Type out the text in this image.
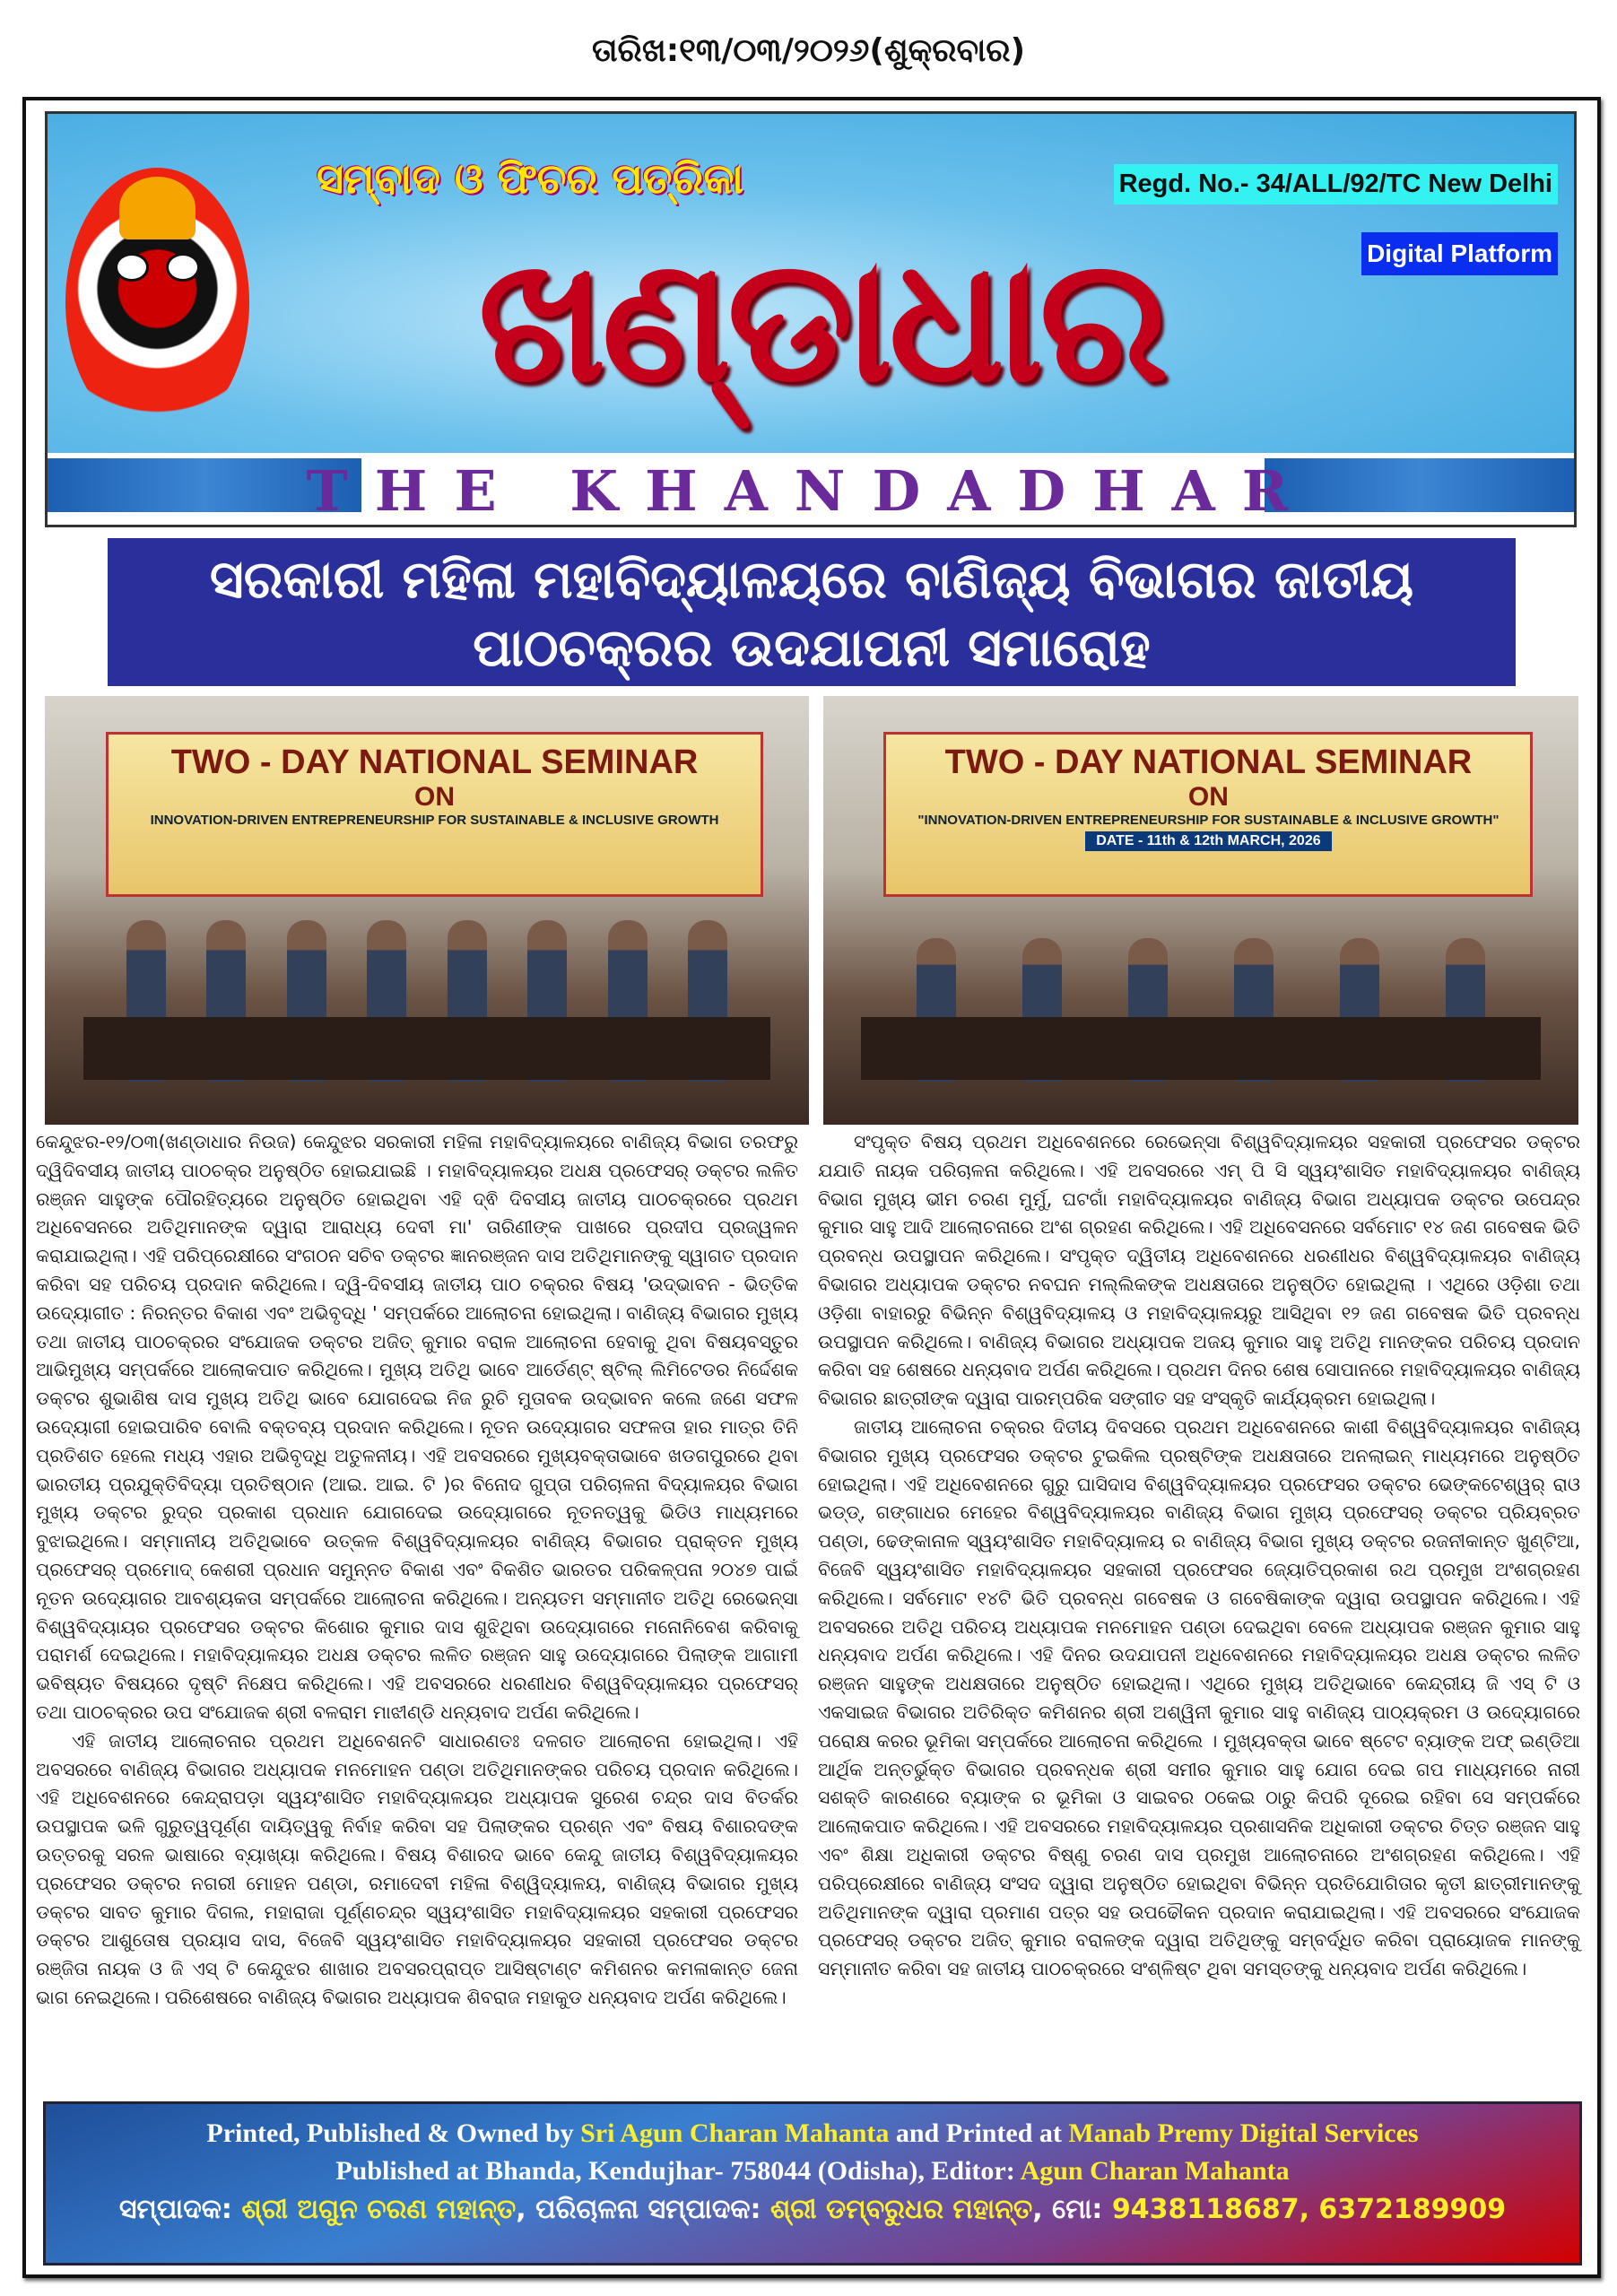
ତାରିଖ:୧୩/୦୩/୨୦୨୬(ଶୁକ୍ରବାର)
ସମ୍ବାଦ ଓ ଫିଚର ପତ୍ରିକା
ଖଣ୍ଡାଧାର
Regd. No.- 34/ALL/92/TC New Delhi
Digital Platform
THE KHANDADHAR
ସରକାରୀ ମହିଳା ମହାବିଦ୍ୟାଳୟରେ ବାଣିଜ୍ୟ ବିଭାଗର ଜାତୀୟ
ପାଠଚକ୍ରର ଉଦଯାପନୀ ସମାରୋହ
TWO - DAY NATIONAL SEMINAR
ON
INNOVATION-DRIVEN ENTREPRENEURSHIP FOR SUSTAINABLE & INCLUSIVE GROWTH
TWO - DAY NATIONAL SEMINAR
ON
"INNOVATION-DRIVEN ENTREPRENEURSHIP FOR SUSTAINABLE & INCLUSIVE GROWTH"
DATE - 11th & 12th MARCH, 2026

କେନ୍ଦୁଝର-୧୨/୦୩(ଖଣ୍ଡାଧାର ନିଉଜ) କେନ୍ଦୁଝର ସରକାରୀ ମହିଳା ମହାବିଦ୍ୟାଳୟରେ ବାଣିଜ୍ୟ ବିଭାଗ ତରଫରୁ ଦ୍ୱିଦିବସୀୟ ଜାତୀୟ ପାଠଚକ୍ର ଅନୁଷ୍ଠିତ ହୋଇଯାଇଛି । ମହାବିଦ୍ୟାଳୟର ଅଧକ୍ଷ ପ୍ରଫେସର୍ ଡକ୍ଟର ଲଳିତ ରଞ୍ଜନ ସାହୁଙ୍କ ପୌରହିତ୍ୟରେ ଅନୁଷ୍ଠିତ ହୋଇଥିବା ଏହି ଦ୍ଵି ଦିବସୀୟ ଜାତୀୟ ପାଠଚକ୍ରରେ ପ୍ରଥମ ଅଧିବେସନରେ ଅତିଥିମାନଙ୍କ ଦ୍ୱାରା ଆରାଧ୍ୟ ଦେବୀ ମା' ତାରିଣୀଙ୍କ ପାଖରେ ପ୍ରଦୀପ ପ୍ରଜ୍ୱଳନ କରାଯାଇଥିଲା। ଏହି ପରିପ୍ରେକ୍ଷୀରେ ସଂଗଠନ ସଚିବ ଡକ୍ଟର ଜ୍ଞାନରଞ୍ଜନ ଦାସ ଅତିଥିମାନଙ୍କୁ ସ୍ୱାଗତ ପ୍ରଦାନ କରିବା ସହ ପରିଚୟ ପ୍ରଦାନ କରିଥିଲେ। ଦ୍ୱି-ଦିବସୀୟ ଜାତୀୟ ପାଠ ଚକ୍ରର ବିଷୟ 'ଉଦ୍ଭାବନ - ଭିତ୍ତିକ ଉଦ୍ୟୋଗୀତ : ନିରନ୍ତର ବିକାଶ ଏବଂ ଅଭିବୃଦ୍ଧି ' ସମ୍ପର୍କରେ ଆଲୋଚନା ହୋଇଥିଲା। ବାଣିଜ୍ୟ ବିଭାଗର ମୁଖ୍ୟ ତଥା ଜାତୀୟ ପାଠଚକ୍ରର ସଂଯୋଜକ ଡକ୍ଟର ଅଜିତ୍ କୁମାର ବରାଳ ଆଲୋଚନା ହେବାକୁ ଥିବା ବିଷୟବସ୍ତୁର ଆଭିମୁଖ୍ୟ ସମ୍ପର୍କରେ ଆଲୋକପାତ କରିଥିଲେ। ମୁଖ୍ୟ ଅତିଥି ଭାବେ ଆର୍ଡେଣ୍ଟ୍ ଷ୍ଟିଲ୍ ଲିମିଟେଡର ନିର୍ଦ୍ଦେଶକ ଡକ୍ଟର ଶୁଭାଶିଷ ଦାସ ମୁଖ୍ୟ ଅତିଥି ଭାବେ ଯୋଗଦେଇ ନିଜ ରୁଚି ମୁତାବକ ଉଦ୍ଭାବନ କଲେ ଜଣେ ସଫଳ ଉଦ୍ୟୋଗୀ ହୋଇପାରିବ ବୋଲି ବକ୍ତବ୍ୟ ପ୍ରଦାନ କରିଥିଲେ। ନୂତନ ଉଦ୍ୟୋଗର ସଫଳତା ହାର ମାତ୍ର ତିନି ପ୍ରତିଶତ ହେଲେ ମଧ୍ୟ ଏହାର ଅଭିବୃଦ୍ଧି ଅତୁଳନୀୟ। ଏହି ଅବସରରେ ମୁଖ୍ୟବକ୍ତାଭାବେ ଖଡଗପୁରରେ ଥିବା ଭାରତୀୟ ପ୍ରଯୁକ୍ତିବିଦ୍ୟା ପ୍ରତିଷ୍ଠାନ (ଆଇ. ଆଇ. ଟି )ର ବିନୋଦ ଗୁପ୍ତା ପରିଚାଳନା ବିଦ୍ୟାଳୟର ବିଭାଗ ମୁଖ୍ୟ ଡକ୍ଟର ରୁଦ୍ର ପ୍ରକାଶ ପ୍ରଧାନ ଯୋଗଦେଇ ଉଦ୍ୟୋଗରେ ନୂତନତ୍ୱକୁ ଭିଡିଓ ମାଧ୍ୟମରେ ବୁଝାଇଥିଲେ। ସମ୍ମାନୀୟ ଅତିଥିଭାବେ ଉତ୍କଳ ବିଶ୍ୱବିଦ୍ୟାଳୟର ବାଣିଜ୍ୟ ବିଭାଗର ପ୍ରାକ୍ତନ ମୁଖ୍ୟ ପ୍ରଫେସର୍ ପ୍ରମୋଦ୍ କେଶରୀ ପ୍ରଧାନ ସମୁନ୍ନତ ବିକାଶ ଏବଂ ବିକଶିତ ଭାରତର ପରିକଳ୍ପନା ୨୦୪୭ ପାଇଁ ନୂତନ ଉଦ୍ୟୋଗର ଆବଶ୍ୟକତା ସମ୍ପର୍କରେ ଆଲୋଚନା କରିଥିଲେ। ଅନ୍ୟତମ ସମ୍ମାନୀତ ଅତିଥି ରେଭେନ୍ସା ବିଶ୍ୱବିଦ୍ୟାୟର ପ୍ରଫେସର ଡକ୍ଟର କିଶୋର କୁମାର ଦାସ ଶୁଝିଥିବା ଉଦ୍ୟୋଗରେ ମନୋନିବେଶ କରିବାକୁ ପରାମର୍ଶ ଦେଇଥିଲେ। ମହାବିଦ୍ୟାଳୟର ଅଧକ୍ଷ ଡକ୍ଟର ଲଳିତ ରଞ୍ଜନ ସାହୁ ଉଦ୍ୟୋଗରେ ପିଲାଙ୍କ ଆଗାମୀ ଭବିଷ୍ୟତ ବିଷୟରେ ଦୃଷ୍ଟି ନିକ୍ଷେପ କରିଥିଲେ। ଏହି ଅବସରରେ ଧରଣୀଧର ବିଶ୍ୱବିଦ୍ୟାଳୟର ପ୍ରଫେସର୍ ତଥା ପାଠଚକ୍ରର ଉପ ସଂଯୋଜକ ଶ୍ରୀ ବଳରାମ ମାଝୀଣ୍ଡି ଧନ୍ୟବାଦ ଅର୍ପଣ କରିଥିଲେ।

ଏହି ଜାତୀୟ ଆଲୋଚନାର ପ୍ରଥମ ଅଧିବେଶନଟି ସାଧାରଣତଃ ଦଳଗତ ଆଲୋଚନା ହୋଇଥିଲା। ଏହି ଅବସରରେ ବାଣିଜ୍ୟ ବିଭାଗର ଅଧ୍ୟାପକ ମନମୋହନ ପଣ୍ଡା ଅତିଥିମାନଙ୍କର ପରିଚୟ ପ୍ରଦାନ କରିଥିଲେ। ଏହି ଅଧିବେଶନରେ କେନ୍ଦ୍ରାପଡ଼ା ସ୍ୱୟଂଶାସିତ ମହାବିଦ୍ୟାଳୟର ଅଧ୍ୟାପକ ସୁରେଶ ଚନ୍ଦ୍ର ଦାସ ବିତର୍କର ଉପସ୍ଥାପକ ଭଳି ଗୁରୁତ୍ୱପୂର୍ଣ୍ଣ ଦାୟିତ୍ୱକୁ ନିର୍ବାହ କରିବା ସହ ପିଲାଙ୍କର ପ୍ରଶ୍ନ ଏବଂ ବିଷୟ ବିଶାରଦଙ୍କ ଉତ୍ତରକୁ ସରଳ ଭାଷାରେ ବ୍ୟାଖ୍ୟା କରିଥିଲେ। ବିଷୟ ବିଶାରଦ ଭାବେ କେନ୍ଦୁ ଜାତୀୟ ବିଶ୍ୱବିଦ୍ୟାଳୟର ପ୍ରଫେସର ଡକ୍ଟର ନଗରୀ ମୋହନ ପଣ୍ଡା, ରମାଦେବୀ ମହିଳା ବିଶ୍ୱିଦ୍ୟାଳୟ, ବାଣିଜ୍ୟ ବିଭାଗର ମୁଖ୍ୟ ଡକ୍ଟର ସାବତ କୁମାର ଦିଗଲ, ମହାରାଜା ପୂର୍ଣ୍ଣଚନ୍ଦ୍ର ସ୍ୱୟଂଶାସିତ ମହାବିଦ୍ୟାଳୟର ସହକାରୀ ପ୍ରଫେସର ଡକ୍ଟର ଆଶୁତୋଷ ପ୍ରୟାସ ଦାସ, ବିଜେବି ସ୍ୱୟଂଶାସିତ ମହାବିଦ୍ୟାଳୟର ସହକାରୀ ପ୍ରଫେସର ଡକ୍ଟର ରଞ୍ଜିତା ନାୟକ ଓ ଜି ଏସ୍ ଟି କେନ୍ଦୁଝର ଶାଖାର ଅବସରପ୍ରାପ୍ତ ଆସିଷ୍ଟାଣ୍ଟ କମିଶନର କମଳାକାନ୍ତ ଜେନା ଭାଗ ନେଇଥିଲେ। ପରିଶେଷରେ ବାଣିଜ୍ୟ ବିଭାଗର ଅଧ୍ୟାପକ ଶିବରାଜ ମହାକୁଡ ଧନ୍ୟବାଦ ଅର୍ପଣ କରିଥିଲେ।

ସଂପୃକ୍ତ ବିଷୟ ପ୍ରଥମ ଅଧିବେଶନରେ ରେଭେନ୍ସା ବିଶ୍ୱବିଦ୍ୟାଳୟର ସହକାରୀ ପ୍ରଫେସର ଡକ୍ଟର ଯଯାତି ନାୟକ ପରିଚାଳନା କରିଥିଲେ। ଏହି ଅବସରରେ ଏମ୍ ପି ସି ସ୍ୱୟଂଶାସିତ ମହାବିଦ୍ୟାଳୟର ବାଣିଜ୍ୟ ବିଭାଗ ମୁଖ୍ୟ ଭୀମ ଚରଣ ମୁର୍ମୁ, ଘଟଗାଁ ମହାବିଦ୍ୟାଳୟର ବାଣିଜ୍ୟ ବିଭାଗ ଅଧ୍ୟାପକ ଡକ୍ଟର ଉପେନ୍ଦ୍ର କୁମାର ସାହୁ ଆଦି ଆଲୋଚନାରେ ଅଂଶ ଗ୍ରହଣ କରିଥିଲେ। ଏହି ଅଧିବେସନରେ ସର୍ବମୋଟ ୧୪ ଜଣ ଗବେଷକ ଭିତି ପ୍ରବନ୍ଧ ଉପସ୍ଥାପନ କରିଥିଲେ। ସଂପୃକ୍ତ ଦ୍ୱିତୀୟ ଅଧିବେଶନରେ ଧରଣୀଧର ବିଶ୍ୱବିଦ୍ୟାଳୟର ବାଣିଜ୍ୟ ବିଭାଗର ଅଧ୍ୟାପକ ଡକ୍ଟର ନବଘନ ମଲ୍ଲିକଙ୍କ ଅଧକ୍ଷତାରେ ଅନୁଷ୍ଠିତ ହୋଇଥିଲା । ଏଥିରେ ଓଡ଼ିଶା ତଥା ଓଡ଼ିଶା ବାହାରରୁ ବିଭିନ୍ନ ବିଶ୍ୱବିଦ୍ୟାଳୟ ଓ ମହାବିଦ୍ୟାଳୟରୁ ଆସିଥିବା ୧୨ ଜଣ ଗବେଷକ ଭିତି ପ୍ରବନ୍ଧ ଉପସ୍ଥାପନ କରିଥିଲେ। ବାଣିଜ୍ୟ ବିଭାଗର ଅଧ୍ୟାପକ ଅଜୟ କୁମାର ସାହୁ ଅତିଥି ମାନଙ୍କର ପରିଚୟ ପ୍ରଦାନ କରିବା ସହ ଶେଷରେ ଧନ୍ୟବାଦ ଅର୍ପଣ କରିଥିଲେ। ପ୍ରଥମ ଦିନର ଶେଷ ସୋପାନରେ ମହାବିଦ୍ୟାଳୟର ବାଣିଜ୍ୟ ବିଭାଗର ଛାତ୍ରୀଙ୍କ ଦ୍ୱାରା ପାରମ୍ପରିକ ସଙ୍ଗୀତ ସହ ସଂସ୍କୃତି କାର୍ଯ୍ୟକ୍ରମ ହୋଇଥିଲା।

ଜାତୀୟ ଆଲୋଚନା ଚକ୍ରର ଦିତୀୟ ଦିବସରେ ପ୍ରଥମ ଅଧିବେଶନରେ କାଶୀ ବିଶ୍ୱବିଦ୍ୟାଳୟର ବାଣିଜ୍ୟ ବିଭାଗର ମୁଖ୍ୟ ପ୍ରଫେସର ଡକ୍ଟର ଟୁଇକିଲ ପ୍ରଷ୍ଟିଙ୍କ ଅଧକ୍ଷତାରେ ଅନଲାଇନ୍ ମାଧ୍ୟମରେ ଅନୁଷ୍ଠିତ ହୋଇଥିଲା। ଏହି ଅଧିବେଶନରେ ଗୁରୁ ଘାସିଦାସ ବିଶ୍ୱବିଦ୍ୟାଳୟର ପ୍ରଫେସର ଡକ୍ଟର ଭେଙ୍କଟେଶ୍ୱର୍ ରାଓ ଭଡ୍ଡ୍, ଗଙ୍ଗାଧର ମେହେର ବିଶ୍ୱବିଦ୍ୟାଳୟର ବାଣିଜ୍ୟ ବିଭାଗ ମୁଖ୍ୟ ପ୍ରଫେସର୍ ଡକ୍ଟର ପ୍ରିୟବ୍ରତ ପଣ୍ଡା, ଢେଙ୍କାନାଳ ସ୍ୱୟଂଶାସିତ ମହାବିଦ୍ୟାଳୟ ର ବାଣିଜ୍ୟ ବିଭାଗ ମୁଖ୍ୟ ଡକ୍ଟର ରଜନୀକାନ୍ତ ଖୁଣ୍ଟିଆ, ବିଜେବି ସ୍ୱୟଂଶାସିତ ମହାବିଦ୍ୟାଳୟର ସହକାରୀ ପ୍ରଫେସର ଜ୍ୟୋତିପ୍ରକାଶ ରଥ ପ୍ରମୁଖ ଅଂଶଗ୍ରହଣ କରିଥିଲେ। ସର୍ବମୋଟ ୧୪ଟି ଭିତି ପ୍ରବନ୍ଧ ଗବେଷକ ଓ ଗବେଷିକାଙ୍କ ଦ୍ୱାରା ଉପସ୍ଥାପନ କରିଥିଲେ। ଏହି ଅବସରରେ ଅତିଥି ପରିଚୟ ଅଧ୍ୟାପକ ମନମୋହନ ପଣ୍ଡା ଦେଇଥିବା ବେଳେ ଅଧ୍ୟାପକ ରଞ୍ଜନ କୁମାର ସାହୁ ଧନ୍ୟବାଦ ଅର୍ପଣ କରିଥିଲେ। ଏହି ଦିନର ଉଦଯାପନୀ ଅଧିବେଶନରେ ମହାବିଦ୍ୟାଳୟର ଅଧକ୍ଷ ଡକ୍ଟର ଲଳିତ ରଞ୍ଜନ ସାହୁଙ୍କ ଅଧକ୍ଷତାରେ ଅନୁଷ୍ଠିତ ହୋଇଥିଲା। ଏଥିରେ ମୁଖ୍ୟ ଅତିଥିଭାବେ କେନ୍ଦ୍ରୀୟ ଜି ଏସ୍ ଟି ଓ ଏକସାଇଜ ବିଭାଗର ଅତିରିକ୍ତ କମିଶନର ଶ୍ରୀ ଅଶ୍ୱିନୀ କୁମାର ସାହୁ ବାଣିଜ୍ୟ ପାଠ୍ୟକ୍ରମ ଓ ଉଦ୍ୟୋଗରେ ପରୋକ୍ଷ କରର ଭୂମିକା ସମ୍ପର୍କରେ ଆଲୋଚନା କରିଥିଲେ । ମୁଖ୍ୟବକ୍ତା ଭାବେ ଷ୍ଟେଟ ବ୍ୟାଙ୍କ ଅଫ୍ ଇଣ୍ଡିଆ ଆର୍ଥିକ ଅନ୍ତର୍ଭୁକ୍ତ ବିଭାଗର ପ୍ରବନ୍ଧକ ଶ୍ରୀ ସମୀର କୁମାର ସାହୁ ଯୋଗ ଦେଇ ଗପ ମାଧ୍ୟମରେ ନାରୀ ସଶକ୍ତି କାରଣରେ ବ୍ୟାଙ୍କ ର ଭୂମିକା ଓ ସାଇବର ଠକେଇ ଠାରୁ କିପରି ଦୂରେଇ ରହିବା ସେ ସମ୍ପର୍କରେ ଆଲୋକପାତ କରିଥିଲେ। ଏହି ଅବସରରେ ମହାବିଦ୍ୟାଳୟର ପ୍ରଶାସନିକ ଅଧିକାରୀ ଡକ୍ଟର ଚିତ୍ତ ରଞ୍ଜନ ସାହୁ ଏବଂ ଶିକ୍ଷା ଅଧିକାରୀ ଡକ୍ଟର ବିଷ୍ଣୁ ଚରଣ ଦାସ ପ୍ରମୁଖ ଆଲୋଚନାରେ ଅଂଶଗ୍ରହଣ କରିଥିଲେ। ଏହି ପରିପ୍ରେକ୍ଷୀରେ ବାଣିଜ୍ୟ ସଂସଦ ଦ୍ୱାରା ଅନୁଷ୍ଠିତ ହୋଇଥିବା ବିଭିନ୍ନ ପ୍ରତିଯୋଗିତାର କୃତୀ ଛାତ୍ରୀମାନଙ୍କୁ ଅତିଥିମାନଙ୍କ ଦ୍ୱାରା ପ୍ରମାଣ ପତ୍ର ସହ ଉପଢୌକନ ପ୍ରଦାନ କରାଯାଇଥିଲା। ଏହି ଅବସରରେ ସଂଯୋଜକ ପ୍ରଫେସର୍ ଡକ୍ଟର ଅଜିତ୍ କୁମାର ବରାଳଙ୍କ ଦ୍ୱାରା ଅତିଥିଙ୍କୁ ସମ୍ବର୍ଦ୍ଧିତ କରିବା ପ୍ରାୟୋଜକ ମାନଙ୍କୁ ସମ୍ମାନୀତ କରିବା ସହ ଜାତୀୟ ପାଠଚକ୍ରରେ ସଂଶ୍ଳିଷ୍ଟ ଥିବା ସମସ୍ତଙ୍କୁ ଧନ୍ୟବାଦ ଅର୍ପଣ କରିଥିଲେ।

Printed, Published & Owned by Sri Agun Charan Mahanta and Printed at Manab Premy Digital Services
Published at Bhanda, Kendujhar- 758044 (Odisha), Editor: Agun Charan Mahanta
ସମ୍ପାଦକ: ଶ୍ରୀ ଅଗୁନ ଚରଣ ମହାନ୍ତ, ପରିଚାଳନା ସମ୍ପାଦକ: ଶ୍ରୀ ଡମ୍ବରୁଧର ମହାନ୍ତ, ମୋ: 9438118687, 6372189909
